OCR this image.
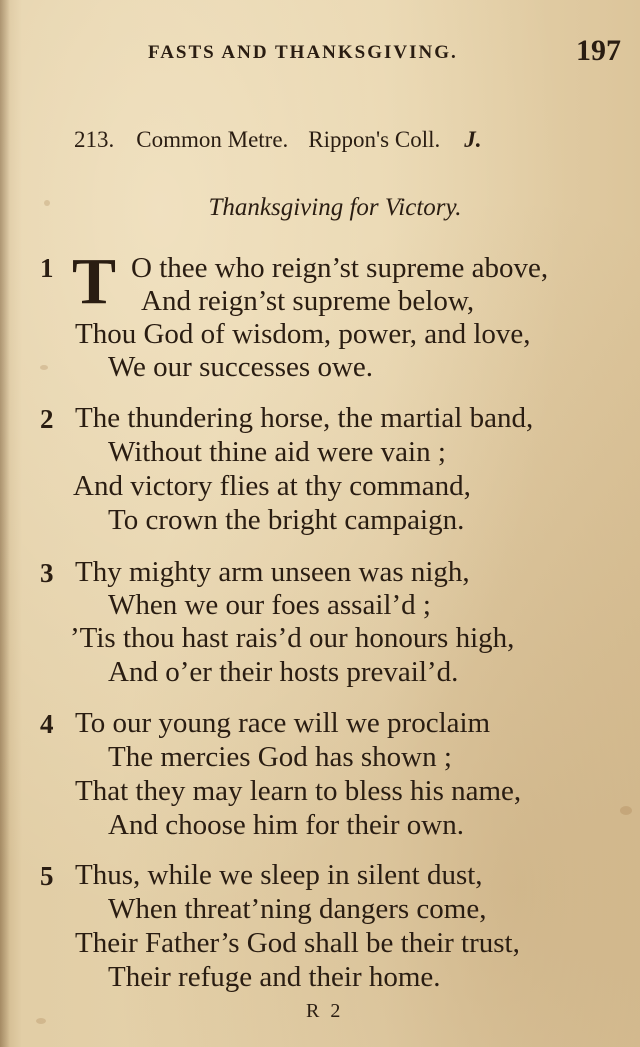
FASTS AND THANKSGIVING.	197
213. Common Metre. Rippon's Coll. J.
Thanksgiving for Victory.
1 T O thee who reign’st supreme above,
And reign’st supreme below,
Thou God of wisdom, power, and love,
We our successes owe.
2 The thundering horse, the martial band,
Without thine aid were vain ;
And victory flies at thy command,
To crown the bright campaign.
3 Thy mighty arm unseen was nigh,
When we our foes assail’d ;
’Tis thou hast rais’d our honours high,
And o’er their hosts prevail’d.
4 To our young race will we proclaim
The mercies God has shown ;
That they may learn to bless his name,
And choose him for their own.
5 Thus, while we sleep in silent dust,
When threat’ning dangers come,
Their Father’s God shall be their trust,
Their refuge and their home.
R 2
